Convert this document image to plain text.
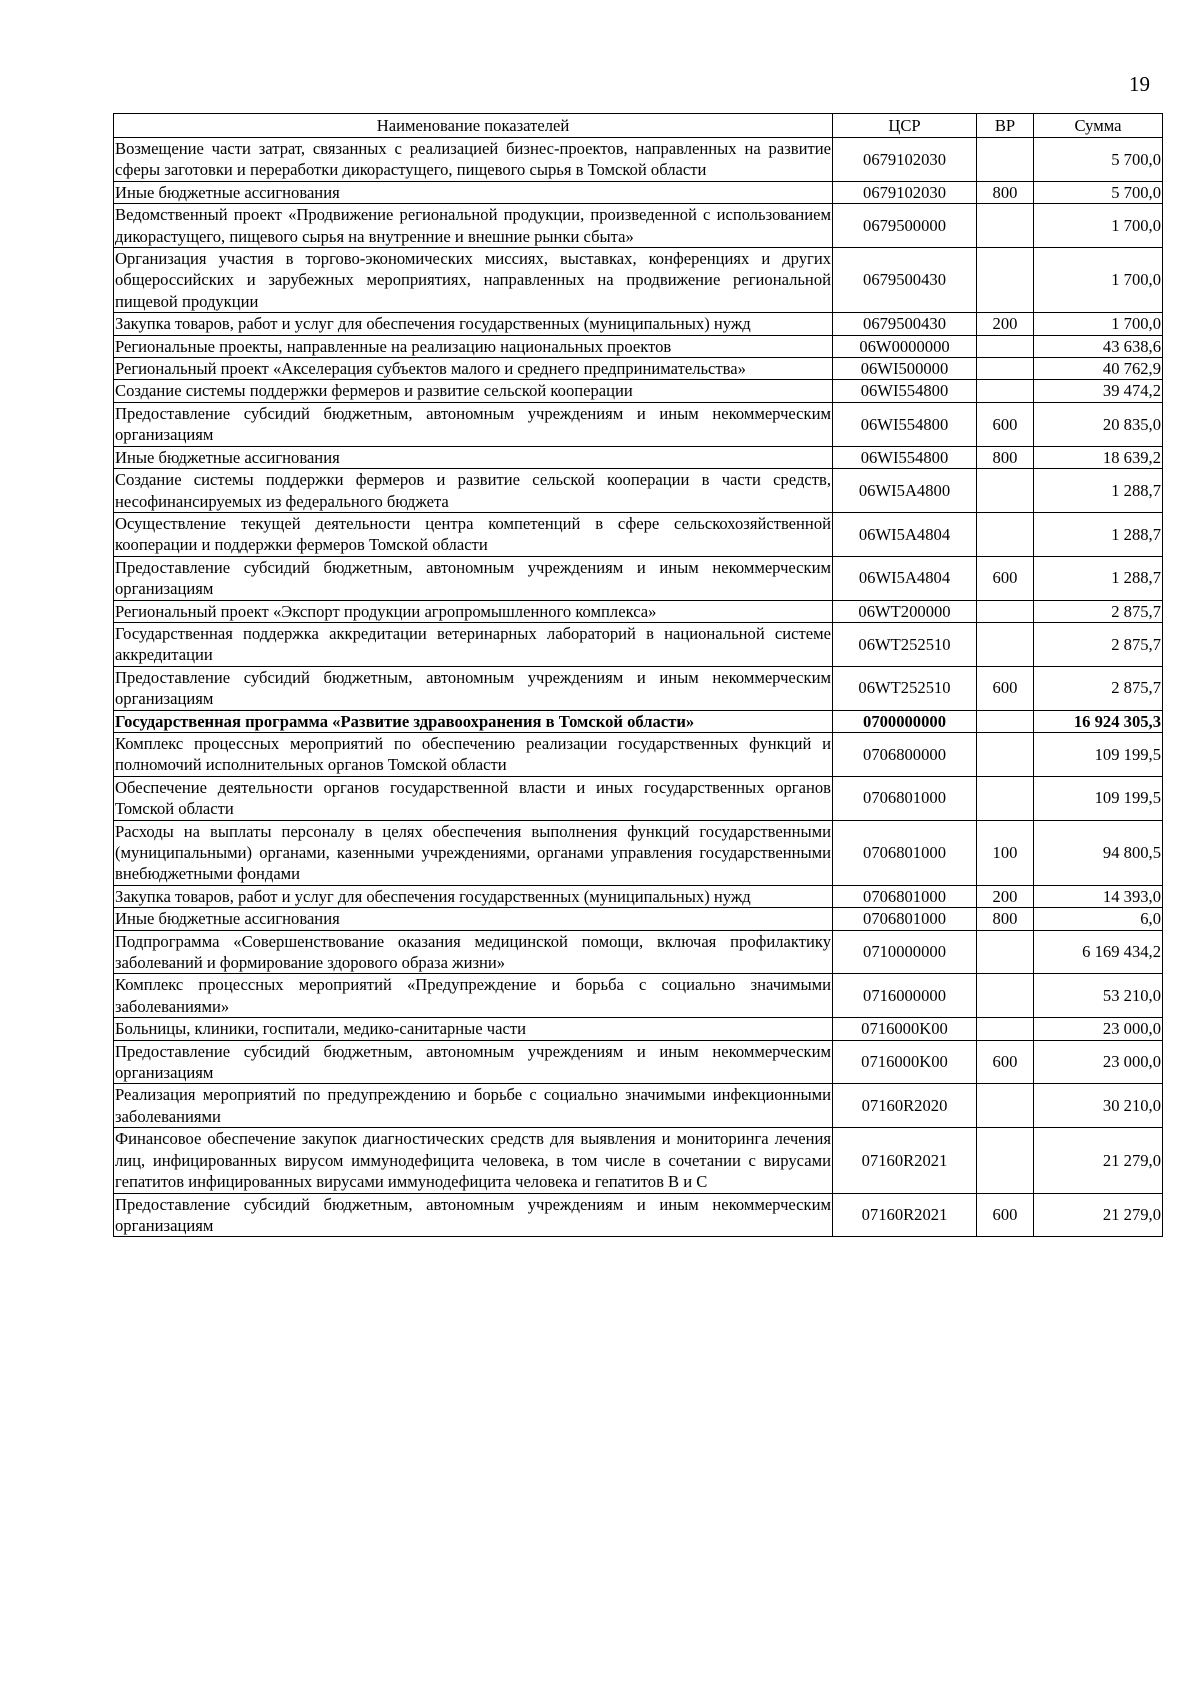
19
Наименование показателей	ЦСР	ВР	Сумма
Возмещение части затрат, связанных с реализацией бизнес-проектов, направленных на развитие сферы заготовки и переработки дикорастущего, пищевого сырья в Томской области	0679102030		5 700,0
Иные бюджетные ассигнования	0679102030	800	5 700,0
Ведомственный проект «Продвижение региональной продукции, произведенной с использованием дикорастущего, пищевого сырья на внутренние и внешние рынки сбыта»	0679500000		1 700,0
Организация участия в торгово-экономических миссиях, выставках, конференциях и других общероссийских и зарубежных мероприятиях, направленных на продвижение региональной пищевой продукции	0679500430		1 700,0
Закупка товаров, работ и услуг для обеспечения государственных (муниципальных) нужд	0679500430	200	1 700,0
Региональные проекты, направленные на реализацию национальных проектов	06W0000000		43 638,6
Региональный проект «Акселерация субъектов малого и среднего предпринимательства»	06WI500000		40 762,9
Создание системы поддержки фермеров и развитие сельской кооперации	06WI554800		39 474,2
Предоставление субсидий бюджетным, автономным учреждениям и иным некоммерческим организациям	06WI554800	600	20 835,0
Иные бюджетные ассигнования	06WI554800	800	18 639,2
Создание системы поддержки фермеров и развитие сельской кооперации в части средств, несофинансируемых из федерального бюджета	06WI5A4800		1 288,7
Осуществление текущей деятельности центра компетенций в сфере сельскохозяйственной кооперации и поддержки фермеров Томской области	06WI5A4804		1 288,7
Предоставление субсидий бюджетным, автономным учреждениям и иным некоммерческим организациям	06WI5A4804	600	1 288,7
Региональный проект «Экспорт продукции агропромышленного комплекса»	06WT200000		2 875,7
Государственная поддержка аккредитации ветеринарных лабораторий в национальной системе аккредитации	06WT252510		2 875,7
Предоставление субсидий бюджетным, автономным учреждениям и иным некоммерческим организациям	06WT252510	600	2 875,7
Государственная программа «Развитие здравоохранения в Томской области»	0700000000		16 924 305,3
Комплекс процессных мероприятий по обеспечению реализации государственных функций и полномочий исполнительных органов Томской области	0706800000		109 199,5
Обеспечение деятельности органов государственной власти и иных государственных органов Томской области	0706801000		109 199,5
Расходы на выплаты персоналу в целях обеспечения выполнения функций государственными (муниципальными) органами, казенными учреждениями, органами управления государственными внебюджетными фондами	0706801000	100	94 800,5
Закупка товаров, работ и услуг для обеспечения государственных (муниципальных) нужд	0706801000	200	14 393,0
Иные бюджетные ассигнования	0706801000	800	6,0
Подпрограмма «Совершенствование оказания медицинской помощи, включая профилактику заболеваний и формирование здорового образа жизни»	0710000000		6 169 434,2
Комплекс процессных мероприятий «Предупреждение и борьба с социально значимыми заболеваниями»	0716000000		53 210,0
Больницы, клиники, госпитали, медико-санитарные части	0716000K00		23 000,0
Предоставление субсидий бюджетным, автономным учреждениям и иным некоммерческим организациям	0716000K00	600	23 000,0
Реализация мероприятий по предупреждению и борьбе с социально значимыми инфекционными заболеваниями	07160R2020		30 210,0
Финансовое обеспечение закупок диагностических средств для выявления и мониторинга лечения лиц, инфицированных вирусом иммунодефицита человека, в том числе в сочетании с вирусами гепатитов инфицированных вирусами иммунодефицита человека и гепатитов B и C	07160R2021		21 279,0
Предоставление субсидий бюджетным, автономным учреждениям и иным некоммерческим организациям	07160R2021	600	21 279,0
